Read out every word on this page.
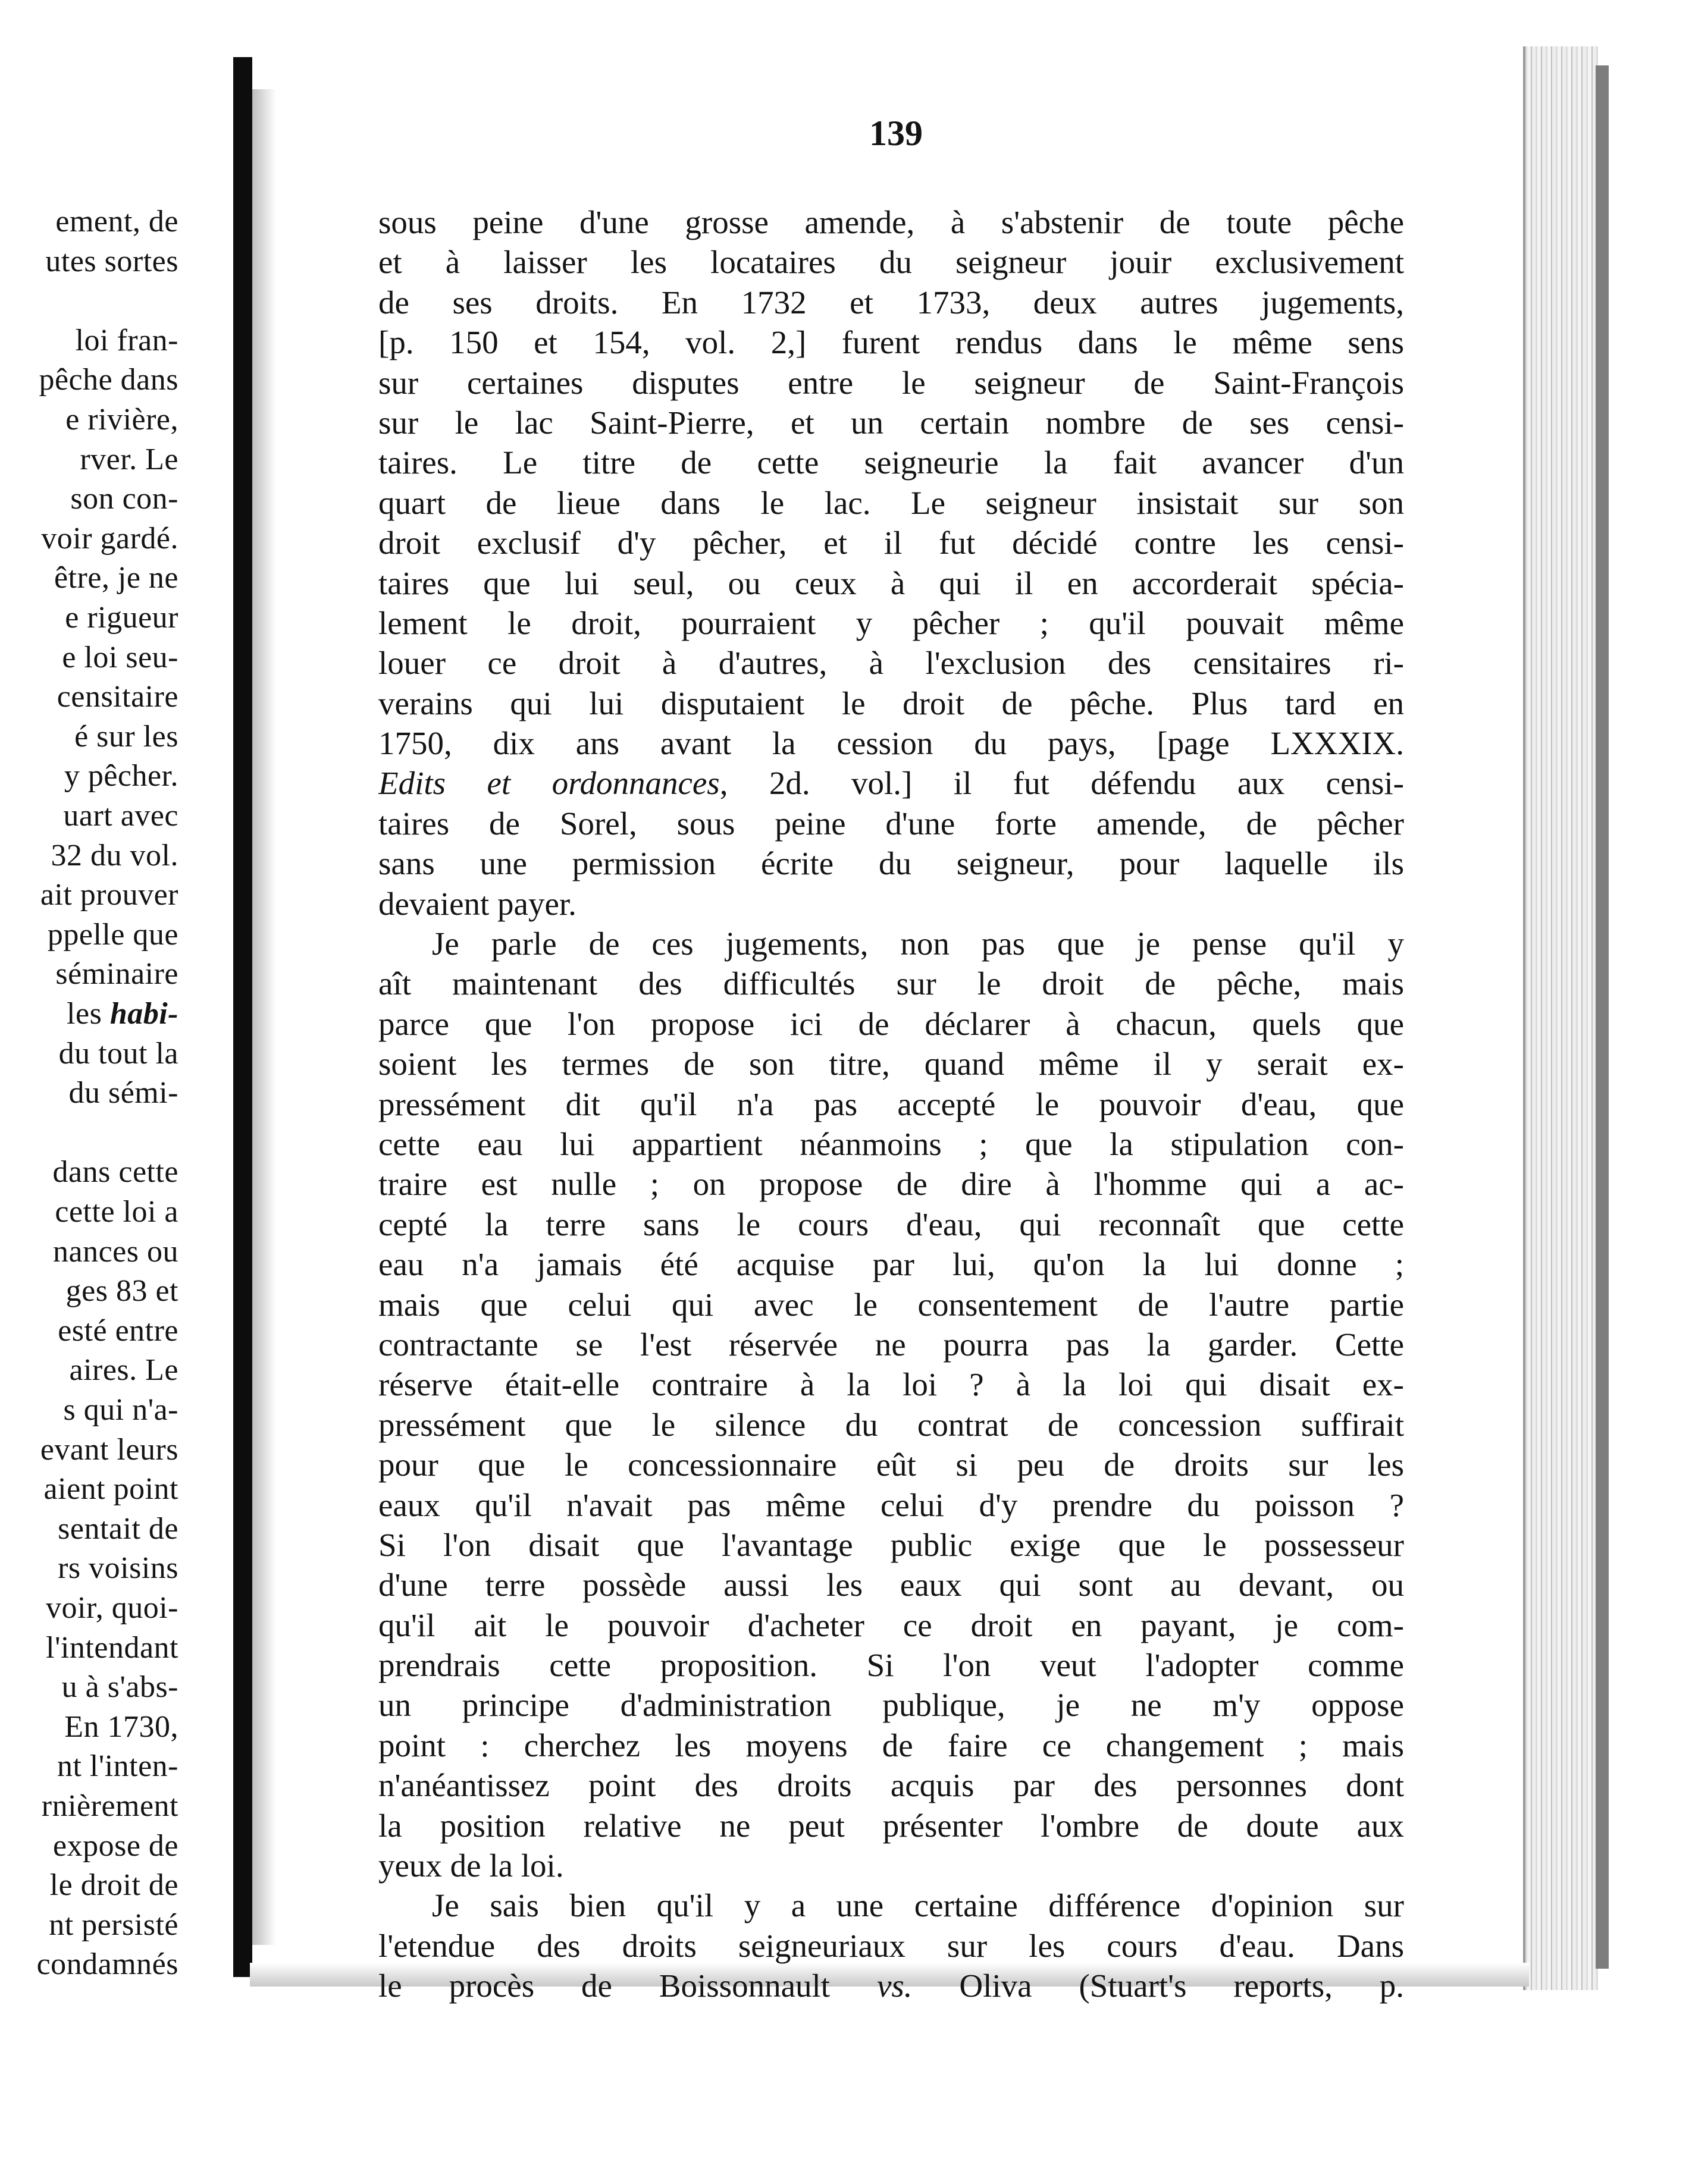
ement, de
utes sortes
loi fran-
pêche dans
e rivière,
rver. Le
son con-
voir gardé.
être, je ne
e rigueur
e loi seu-
censitaire
é sur les
y pêcher.
uart avec
32 du vol.
ait prouver
ppelle que
séminaire
les habi-
du tout la
du sémi-
dans cette
cette loi a
nances ou
ges 83 et
esté entre
aires. Le
s qui n'a-
evant leurs
aient point
sentait de
rs voisins
voir, quoi-
l'intendant
u à s'abs-
En 1730,
nt l'inten-
rnièrement
expose de
le droit de
nt persisté
condamnés
139
sous peine d'une grosse amende, à s'abstenir de toute pêche
et à laisser les locataires du seigneur jouir exclusivement
de ses droits. En 1732 et 1733, deux autres jugements,
[p. 150 et 154, vol. 2,] furent rendus dans le même sens
sur certaines disputes entre le seigneur de Saint-François
sur le lac Saint-Pierre, et un certain nombre de ses censi-
taires. Le titre de cette seigneurie la fait avancer d'un
quart de lieue dans le lac. Le seigneur insistait sur son
droit exclusif d'y pêcher, et il fut décidé contre les censi-
taires que lui seul, ou ceux à qui il en accorderait spécia-
lement le droit, pourraient y pêcher ; qu'il pouvait même
louer ce droit à d'autres, à l'exclusion des censitaires ri-
verains qui lui disputaient le droit de pêche. Plus tard en
1750, dix ans avant la cession du pays, [page LXXXIX.
Edits et ordonnances, 2d. vol.] il fut défendu aux censi-
taires de Sorel, sous peine d'une forte amende, de pêcher
sans une permission écrite du seigneur, pour laquelle ils
devaient payer.
Je parle de ces jugements, non pas que je pense qu'il y
aît maintenant des difficultés sur le droit de pêche, mais
parce que l'on propose ici de déclarer à chacun, quels que
soient les termes de son titre, quand même il y serait ex-
pressément dit qu'il n'a pas accepté le pouvoir d'eau, que
cette eau lui appartient néanmoins ; que la stipulation con-
traire est nulle ; on propose de dire à l'homme qui a ac-
cepté la terre sans le cours d'eau, qui reconnaît que cette
eau n'a jamais été acquise par lui, qu'on la lui donne ;
mais que celui qui avec le consentement de l'autre partie
contractante se l'est réservée ne pourra pas la garder. Cette
réserve était-elle contraire à la loi ? à la loi qui disait ex-
pressément que le silence du contrat de concession suffirait
pour que le concessionnaire eût si peu de droits sur les
eaux qu'il n'avait pas même celui d'y prendre du poisson ?
Si l'on disait que l'avantage public exige que le possesseur
d'une terre possède aussi les eaux qui sont au devant, ou
qu'il ait le pouvoir d'acheter ce droit en payant, je com-
prendrais cette proposition. Si l'on veut l'adopter comme
un principe d'administration publique, je ne m'y oppose
point : cherchez les moyens de faire ce changement ; mais
n'anéantissez point des droits acquis par des personnes dont
la position relative ne peut présenter l'ombre de doute aux
yeux de la loi.
Je sais bien qu'il y a une certaine différence d'opinion sur
l'etendue des droits seigneuriaux sur les cours d'eau. Dans
le procès de Boissonnault vs. Oliva (Stuart's reports, p.
